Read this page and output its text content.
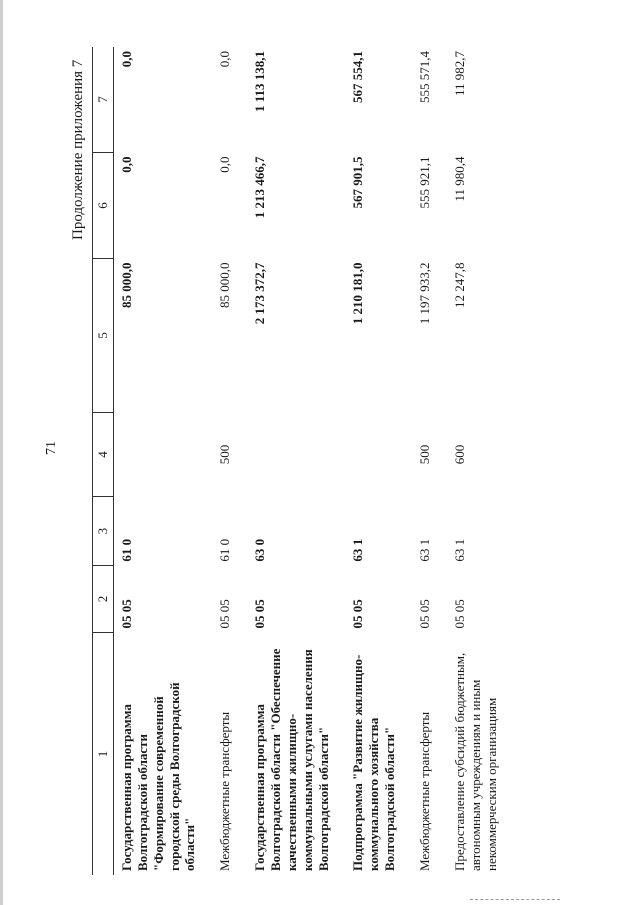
71
Продолжение приложения 7
1	2	3	4	5	6	7
Государственная программа Волгоградской области "Формирование современной городской среды Волгоградской области"	05 05	61 0		85 000,0	0,0	0,0
Межбюджетные трансферты	05 05	61 0	500	85 000,0	0,0	0,0
Государственная программа Волгоградской области "Обеспечение качественными жилищно-коммунальными услугами населения Волгоградской области"	05 05	63 0		2 173 372,7	1 213 466,7	1 113 138,1
Подпрограмма "Развитие жилищно-коммунального хозяйства Волгоградской области"	05 05	63 1		1 210 181,0	567 901,5	567 554,1
Межбюджетные трансферты	05 05	63 1	500	1 197 933,2	555 921,1	555 571,4
Предоставление субсидий бюджетным, автономным учреждениям и иным некоммерческим организациям	05 05	63 1	600	12 247,8	11 980,4	11 982,7
